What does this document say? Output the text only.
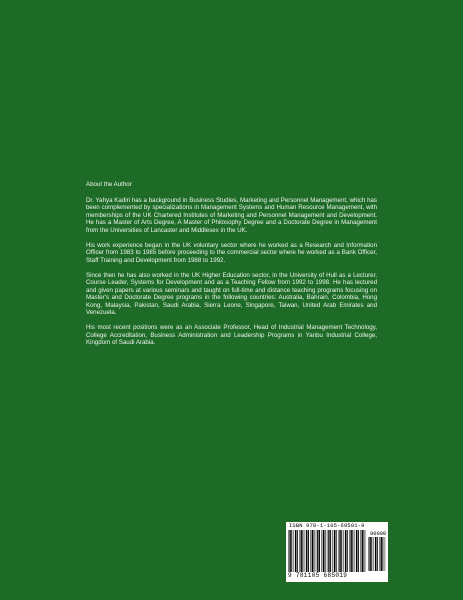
About the Author

Dr. Yahya Kadiri has a background in Business Studies, Marketing and Personnel Management, which has been complemented by specializations in Management Systems and Human Resource Management, with memberships of the UK Chartered Institutes of Marketing and Personnel Management and Development. He has a Master of Arts Degree, A Master of Philosophy Degree and a Doctorate Degree in Management from the Universities of Lancaster and Middlesex in the UK.

His work experience began in the UK voluntary sector where he worked as a Research and Information Officer from 1983 to 1985 before proceeding to the commercial sector where he worked as a Bank Officer, Staff Training and Development from 1988 to 1992.

Since then he has also worked in the UK Higher Education sector, in the University of Hull as a Lecturer, Course Leader, Systems for Development and as a Teaching Fellow from 1992 to 1998. He has lectured and given papers at various seminars and taught on full-time and distance teaching programs focusing on Master's and Doctorate Degree programs in the following countries: Australia, Bahrain, Colombia, Hong Kong, Malaysia, Pakistan, Saudi Arabia, Sierra Leone, Singapore, Taiwan, United Arab Emirates and Venezuela.

His most recent positions were as an Associate Professor, Head of Industrial Management Technology, College Accreditation, Business Administration and Leadership Programs in Yanbu Industrial College, Kingdom of Saudi Arabia.

ISBN 978-1-105-68501-9
90000
9 781105 685019
